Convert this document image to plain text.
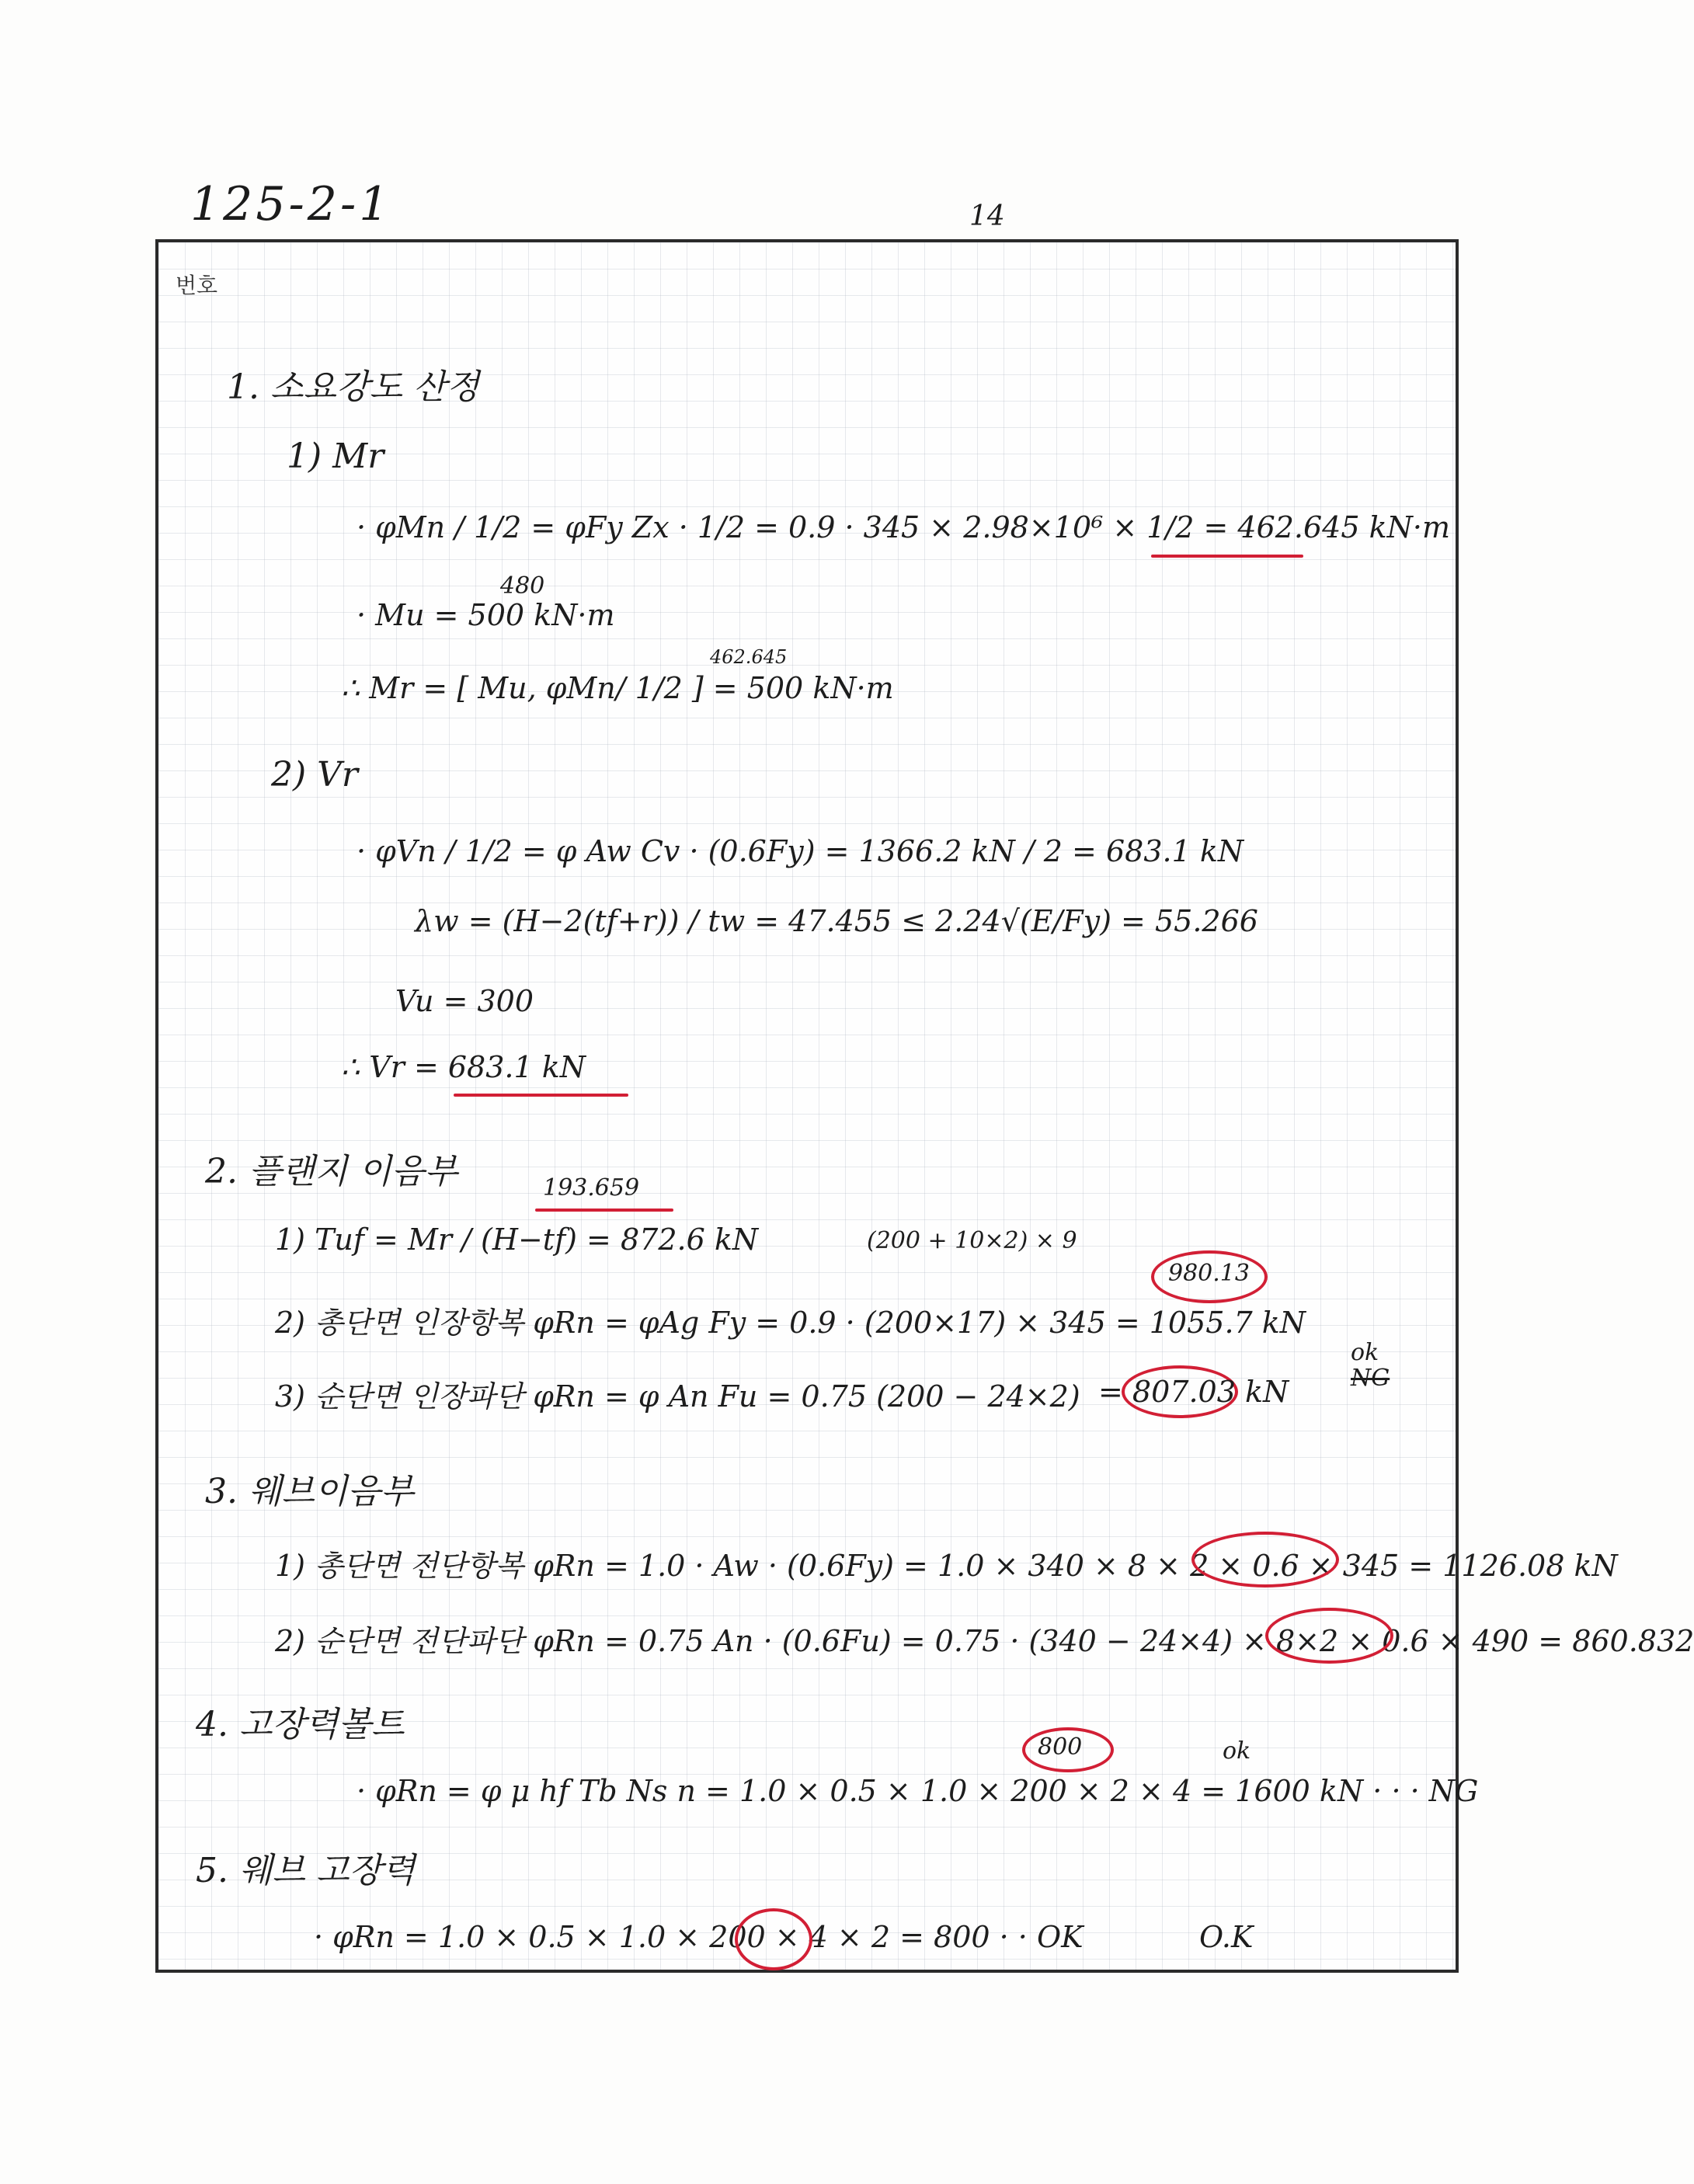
125-2-1	14
번호
1. 소요강도 산정
1) Mr
· φMn / 1/2 = φFy Zx · 1/2 = 0.9 · 345 × 2.98×10⁶ × 1/2 = 462.645 kN·m
480
· Mu = 500 kN·m
462.645
∴ Mr = [ Mu, φMn/ 1/2 ] = 500 kN·m
2) Vr
· φVn / 1/2 = φ Aw Cv · (0.6Fy) = 1366.2 kN / 2 = 683.1 kN
λw = (H−2(tf+r)) / tw = 47.455 ≤ 2.24√(E/Fy) = 55.266
Vu = 300
∴ Vr = 683.1 kN
2. 플랜지 이음부	193.659
1) Tuf = Mr / (H−tf) = 872.6 kN	(200 + 10×2) × 9
980.13
2) 총단면 인장항복 φRn = φAg Fy = 0.9 · (200×17) × 345 = 1055.7 kN
ok
NG
3) 순단면 인장파단 φRn = φ An Fu = 0.75 (200 − 24×2) = 807.03 kN
3. 웨브이음부
1) 총단면 전단항복 φRn = 1.0 · Aw · (0.6Fy) = 1.0 × 340 × 8 × 2 × 0.6 × 345 = 1126.08 kN
2) 순단면 전단파단 φRn = 0.75 An · (0.6Fu) = 0.75 · (340 − 24×4) × 8×2 × 0.6 × 490 = 860.832
4. 고장력볼트
800	ok
· φRn = φ μ hf Tb Ns n = 1.0 × 0.5 × 1.0 × 200 × 2 × 4 = 1600 kN · · · NG
5. 웨브 고장력
· φRn = 1.0 × 0.5 × 1.0 × 200 × 4 × 2 = 800 · · OK	O.K
